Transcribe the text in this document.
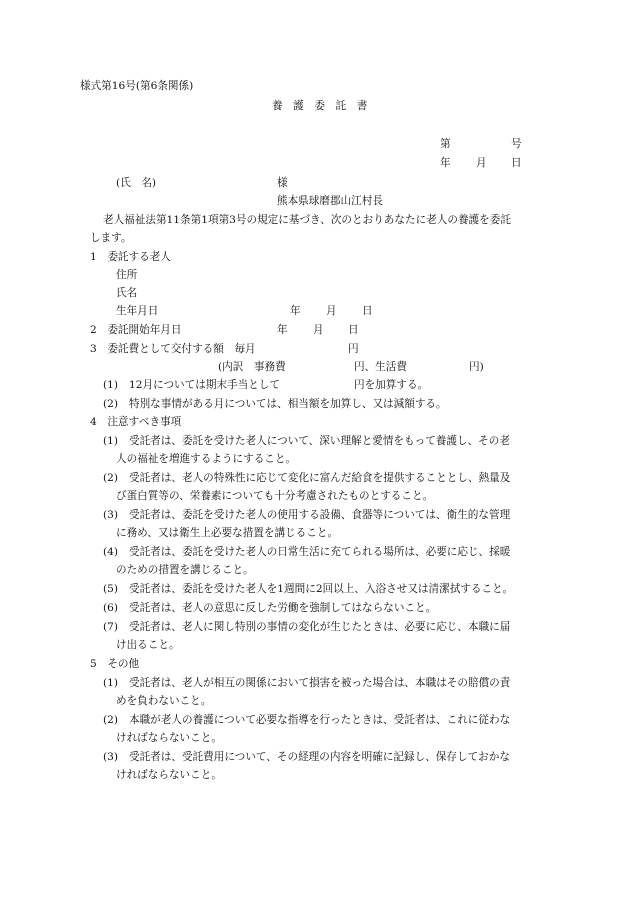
様式第16号(第6条関係)
養　護　委　託　書
第	号
年 月 日
(氏　名)	様
熊本県球磨郡山江村長
老人福祉法第11条第1項第3号の規定に基づき、次のとおりあなたに老人の養護を委託
します。
1　委託する老人
住所
氏名
生年月日	年 月 日
2　委託開始年月日	年 月 日
3　委託費として交付する額　毎月	円
(内訳　事務費	円、生活費	円)
(1) 12月については期末手当として	円を加算する。
(2) 特別な事情がある月については、相当額を加算し、又は減額する。
4　注意すべき事項
(1) 受託者は、委託を受けた老人について、深い理解と愛情をもって養護し、その老
人の福祉を増進するようにすること。
(2) 受託者は、老人の特殊性に応じて変化に富んだ給食を提供することとし、熱量及
び蛋白質等の、栄養素についても十分考慮されたものとすること。
(3) 受託者は、委託を受けた老人の使用する設備、食器等については、衛生的な管理
に務め、又は衛生上必要な措置を講じること。
(4) 受託者は、委託を受けた老人の日常生活に充てられる場所は、必要に応じ、採暖
のための措置を講じること。
(5) 受託者は、委託を受けた老人を1週間に2回以上、入浴させ又は清潔拭すること。
(6) 受託者は、老人の意思に反した労働を強制してはならないこと。
(7) 受託者は、老人に関し特別の事情の変化が生じたときは、必要に応じ、本職に届
け出ること。
5　その他
(1) 受託者は、老人が相互の関係において損害を被った場合は、本職はその賠償の責
めを負わないこと。
(2) 本職が老人の養護について必要な指導を行ったときは、受託者は、これに従わな
ければならないこと。
(3) 受託者は、受託費用について、その経理の内容を明確に記録し、保存しておかな
ければならないこと。
